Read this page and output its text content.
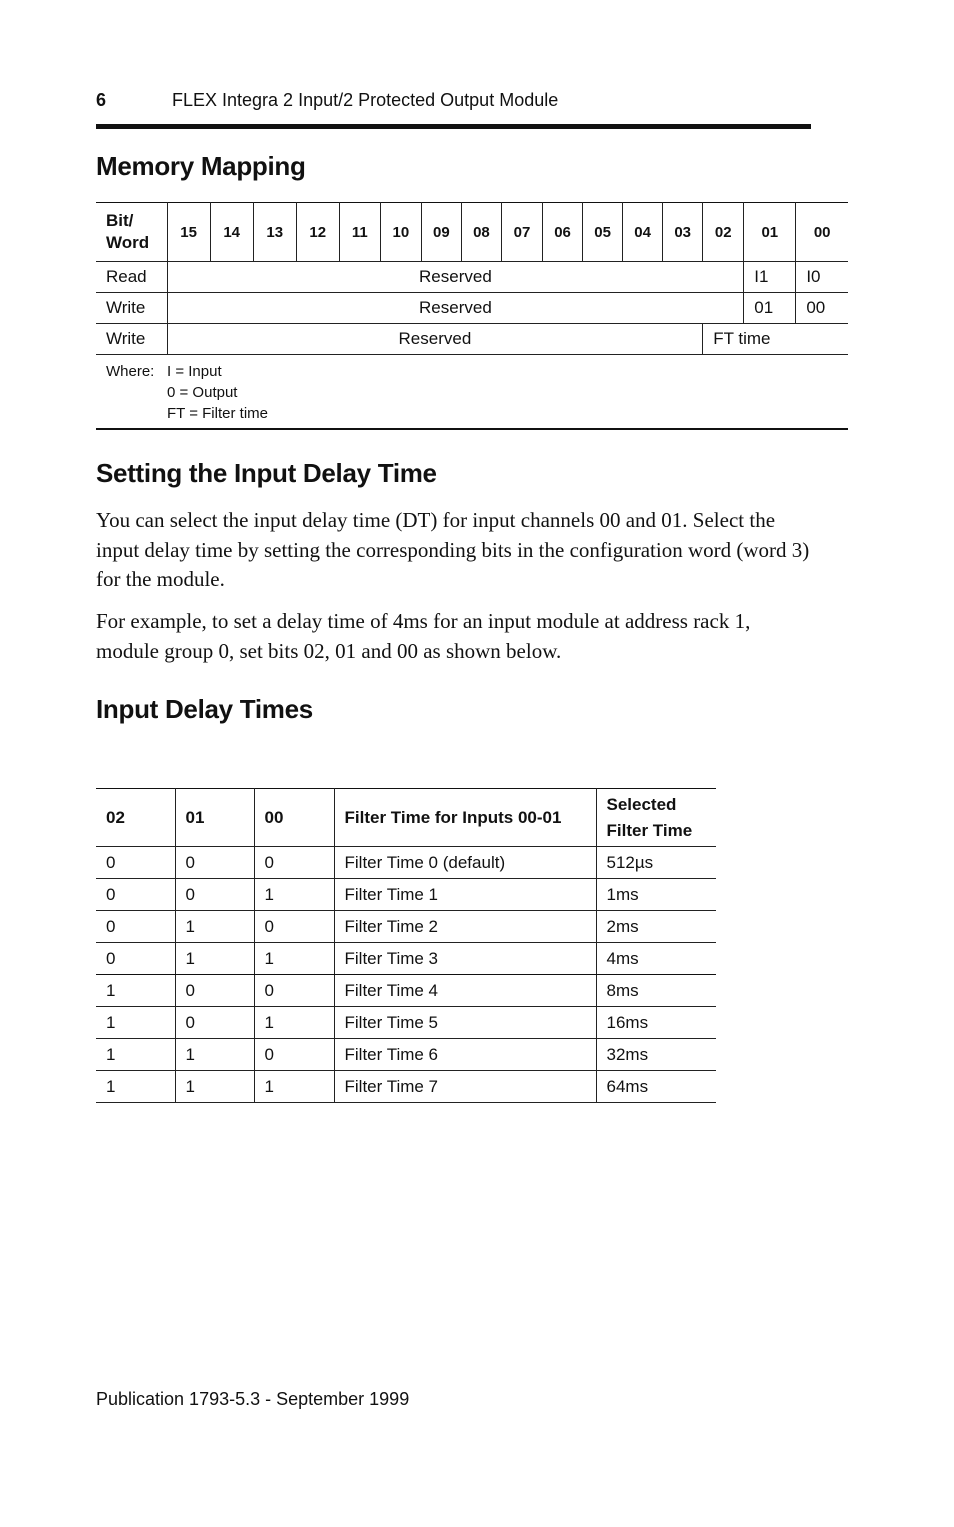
6	FLEX Integra 2 Input/2 Protected Output Module
Memory Mapping
Bit/
Word	15	14	13	12	11	10	09	08	07	06	05	04	03	02	01	00
Read	Reserved														I1	I0
Write	Reserved														01	00
Write	Reserved													FT time		

Where: I = Input
0 = Output
FT = Filter time																
Setting the Input Delay Time

You can select the input delay time (DT) for input channels 00 and 01. Select the input delay time by setting the corresponding bits in the configuration word (word 3) for the module.

For example, to set a delay time of 4ms for an input module at address rack 1, module group 0, set bits 02, 01 and 00 as shown below.

Input Delay Times
02	01	00	Filter Time for Inputs 00-01	Selected
Filter Time
0	0	0	Filter Time 0 (default)	512µs
0	0	1	Filter Time 1	1ms
0	1	0	Filter Time 2	2ms
0	1	1	Filter Time 3	4ms
1	0	0	Filter Time 4	8ms
1	0	1	Filter Time 5	16ms
1	1	0	Filter Time 6	32ms
1	1	1	Filter Time 7	64ms
Publication 1793-5.3 - September 1999
